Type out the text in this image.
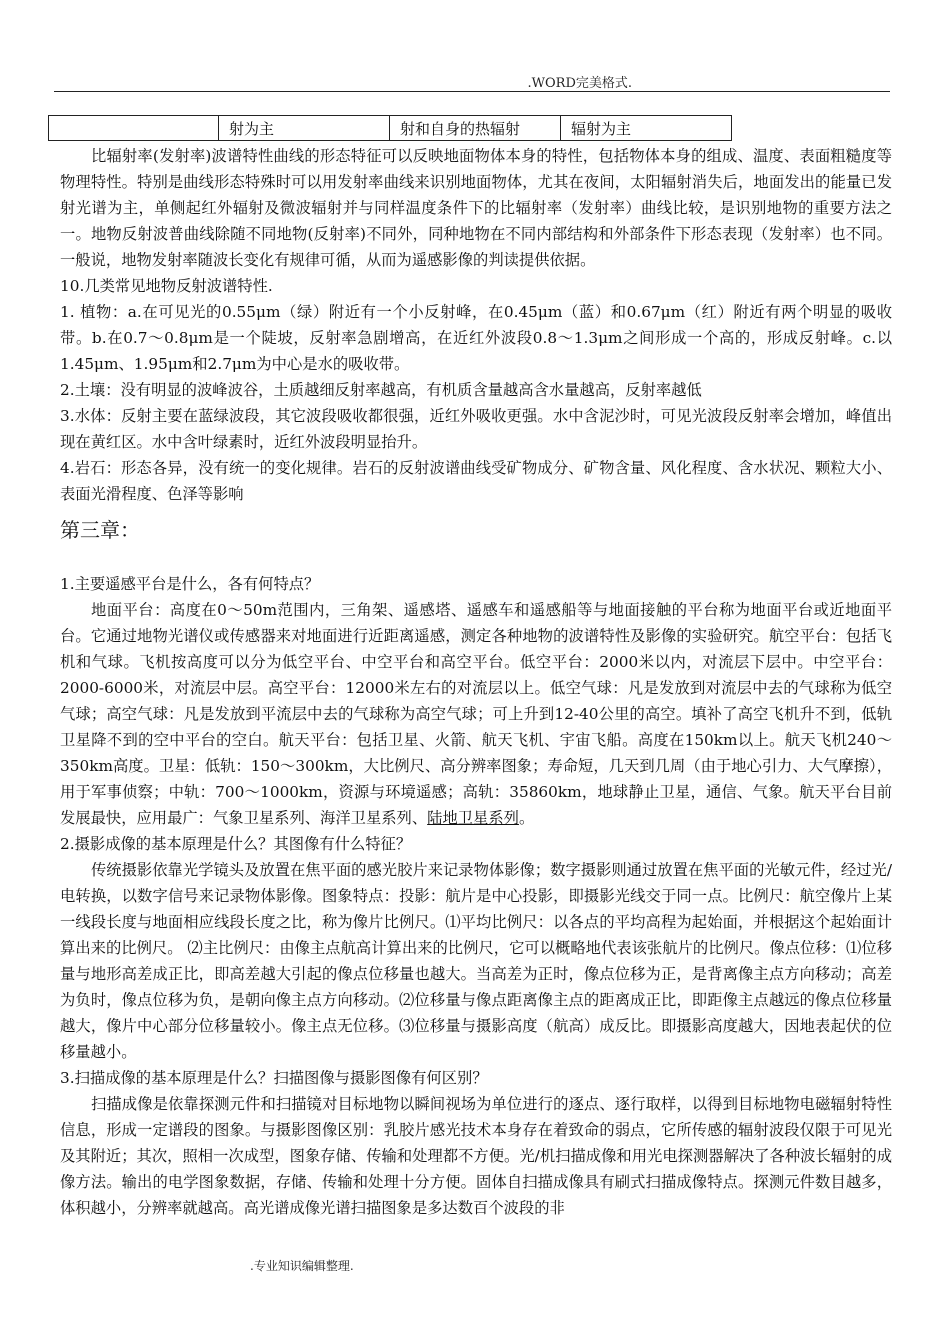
.WORD完美格式.
	射为主	射和自身的热辐射	辐射为主

比辐射率(发射率)波谱特性曲线的形态特征可以反映地面物体本身的特性，包括物体本身的组成、温度、表面粗糙度等物理特性。特别是曲线形态特殊时可以用发射率曲线来识别地面物体，尤其在夜间，太阳辐射消失后，地面发出的能量已发射光谱为主，单侧起红外辐射及微波辐射并与同样温度条件下的比辐射率（发射率）曲线比较，是识别地物的重要方法之一。地物反射波普曲线除随不同地物(反射率)不同外，同种地物在不同内部结构和外部条件下形态表现（发射率）也不同。一般说，地物发射率随波长变化有规律可循，从而为遥感影像的判读提供依据。

10.几类常见地物反射波谱特性.

1. 植物：a.在可见光的0.55μm（绿）附近有一个小反射峰，在0.45μm（蓝）和0.67μm（红）附近有两个明显的吸收带。b.在0.7～0.8μm是一个陡坡，反射率急剧增高，在近红外波段0.8～1.3μm之间形成一个高的，形成反射峰。c.以1.45μm、1.95μm和2.7μm为中心是水的吸收带。

2.土壤：没有明显的波峰波谷，土质越细反射率越高，有机质含量越高含水量越高，反射率越低

3.水体：反射主要在蓝绿波段，其它波段吸收都很强，近红外吸收更强。水中含泥沙时，可见光波段反射率会增加，峰值出现在黄红区。水中含叶绿素时，近红外波段明显抬升。

4.岩石：形态各异，没有统一的变化规律。岩石的反射波谱曲线受矿物成分、矿物含量、风化程度、含水状况、颗粒大小、表面光滑程度、色泽等影响

第三章：

1.主要遥感平台是什么，各有何特点？

地面平台：高度在0～50m范围内，三角架、遥感塔、遥感车和遥感船等与地面接触的平台称为地面平台或近地面平台。它通过地物光谱仪或传感器来对地面进行近距离遥感，测定各种地物的波谱特性及影像的实验研究。航空平台：包括飞机和气球。飞机按高度可以分为低空平台、中空平台和高空平台。低空平台：2000米以内，对流层下层中。中空平台：2000-6000米，对流层中层。高空平台：12000米左右的对流层以上。低空气球：凡是发放到对流层中去的气球称为低空气球；高空气球：凡是发放到平流层中去的气球称为高空气球；可上升到12-40公里的高空。填补了高空飞机升不到，低轨卫星降不到的空中平台的空白。航天平台：包括卫星、火箭、航天飞机、宇宙飞船。高度在150km以上。航天飞机240～350km高度。卫星：低轨：150～300km，大比例尺、高分辨率图象；寿命短，几天到几周（由于地心引力、大气摩擦），用于军事侦察；中轨：700～1000km，资源与环境遥感；高轨：35860km，地球静止卫星，通信、气象。航天平台目前发展最快，应用最广：气象卫星系列、海洋卫星系列、陆地卫星系列。

2.摄影成像的基本原理是什么？其图像有什么特征？

传统摄影依靠光学镜头及放置在焦平面的感光胶片来记录物体影像；数字摄影则通过放置在焦平面的光敏元件，经过光/电转换，以数字信号来记录物体影像。图象特点：投影：航片是中心投影，即摄影光线交于同一点。比例尺：航空像片上某一线段长度与地面相应线段长度之比，称为像片比例尺。⑴平均比例尺：以各点的平均高程为起始面，并根据这个起始面计算出来的比例尺。 ⑵主比例尺：由像主点航高计算出来的比例尺，它可以概略地代表该张航片的比例尺。像点位移：⑴位移量与地形高差成正比，即高差越大引起的像点位移量也越大。当高差为正时，像点位移为正，是背离像主点方向移动；高差为负时，像点位移为负，是朝向像主点方向移动。⑵位移量与像点距离像主点的距离成正比，即距像主点越远的像点位移量越大，像片中心部分位移量较小。像主点无位移。⑶位移量与摄影高度（航高）成反比。即摄影高度越大，因地表起伏的位移量越小。

3.扫描成像的基本原理是什么？扫描图像与摄影图像有何区别？

扫描成像是依靠探测元件和扫描镜对目标地物以瞬间视场为单位进行的逐点、逐行取样，以得到目标地物电磁辐射特性信息，形成一定谱段的图象。与摄影图像区别：乳胶片感光技术本身存在着致命的弱点，它所传感的辐射波段仅限于可见光及其附近；其次，照相一次成型，图象存储、传输和处理都不方便。光/机扫描成像和用光电探测器解决了各种波长辐射的成像方法。输出的电学图象数据，存储、传输和处理十分方便。固体自扫描成像具有刷式扫描成像特点。探测元件数目越多，体积越小，分辨率就越高。高光谱成像光谱扫描图象是多达数百个波段的非

.专业知识编辑整理.
